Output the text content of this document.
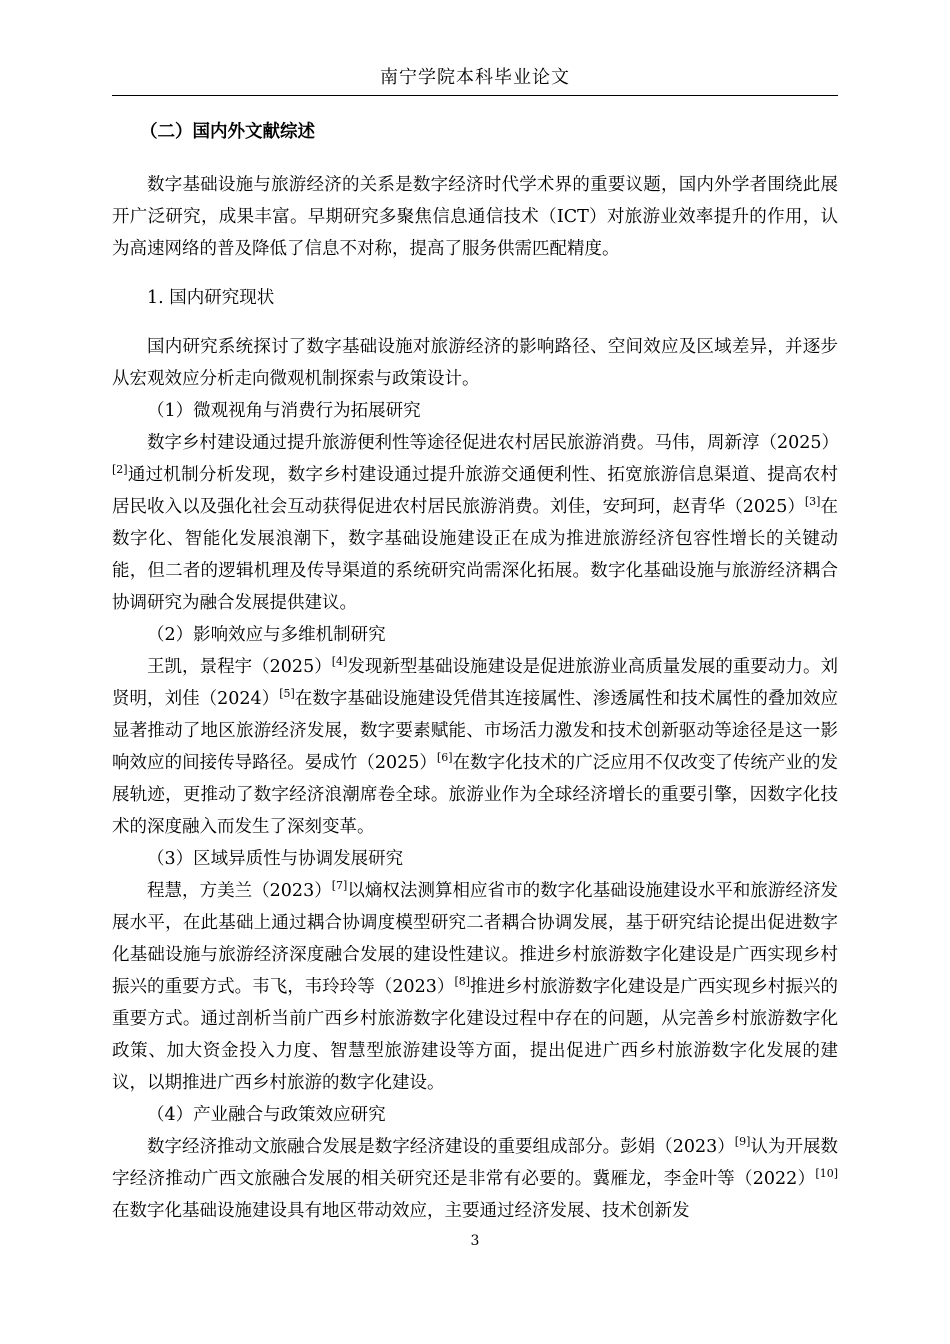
南宁学院本科毕业论文
（二）国内外文献综述

数字基础设施与旅游经济的关系是数字经济时代学术界的重要议题，国内外学者围绕此展开广泛研究，成果丰富。早期研究多聚焦信息通信技术（ICT）对旅游业效率提升的作用，认为高速网络的普及降低了信息不对称，提高了服务供需匹配精度。

1. 国内研究现状

国内研究系统探讨了数字基础设施对旅游经济的影响路径、空间效应及区域差异，并逐步从宏观效应分析走向微观机制探索与政策设计。

（1）微观视角与消费行为拓展研究

数字乡村建设通过提升旅游便利性等途径促进农村居民旅游消费。马伟，周新淳（2025）[2]通过机制分析发现，数字乡村建设通过提升旅游交通便利性、拓宽旅游信息渠道、提高农村居民收入以及强化社会互动获得促进农村居民旅游消费。刘佳，安珂珂，赵青华（2025）[3]在数字化、智能化发展浪潮下，数字基础设施建设正在成为推进旅游经济包容性增长的关键动能，但二者的逻辑机理及传导渠道的系统研究尚需深化拓展。数字化基础设施与旅游经济耦合协调研究为融合发展提供建议。

（2）影响效应与多维机制研究

王凯，景程宇（2025）[4]发现新型基础设施建设是促进旅游业高质量发展的重要动力。刘贤明，刘佳（2024）[5]在数字基础设施建设凭借其连接属性、渗透属性和技术属性的叠加效应显著推动了地区旅游经济发展，数字要素赋能、市场活力激发和技术创新驱动等途径是这一影响效应的间接传导路径。晏成竹（2025）[6]在数字化技术的广泛应用不仅改变了传统产业的发展轨迹，更推动了数字经济浪潮席卷全球。旅游业作为全球经济增长的重要引擎，因数字化技术的深度融入而发生了深刻变革。

（3）区域异质性与协调发展研究

程慧，方美兰（2023）[7]以熵权法测算相应省市的数字化基础设施建设水平和旅游经济发展水平，在此基础上通过耦合协调度模型研究二者耦合协调发展，基于研究结论提出促进数字化基础设施与旅游经济深度融合发展的建设性建议。推进乡村旅游数字化建设是广西实现乡村振兴的重要方式。韦飞，韦玲玲等（2023）[8]推进乡村旅游数字化建设是广西实现乡村振兴的重要方式。通过剖析当前广西乡村旅游数字化建设过程中存在的问题，从完善乡村旅游数字化政策、加大资金投入力度、智慧型旅游建设等方面，提出促进广西乡村旅游数字化发展的建议，以期推进广西乡村旅游的数字化建设。

（4）产业融合与政策效应研究

数字经济推动文旅融合发展是数字经济建设的重要组成部分。彭娟（2023）[9]认为开展数字经济推动广西文旅融合发展的相关研究还是非常有必要的。冀雁龙，李金叶等（2022）[10]在数字化基础设施建设具有地区带动效应，主要通过经济发展、技术创新发

3
